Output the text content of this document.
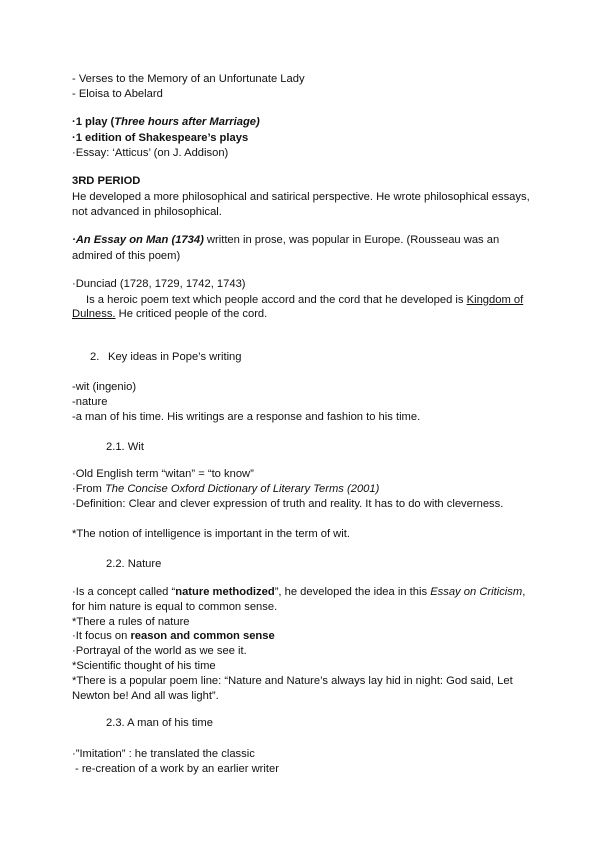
- Verses to the Memory of an Unfortunate Lady
- Eloisa to Abelard
·1 play (Three hours after Marriage)
·1 edition of Shakespeare’s plays
·Essay: ‘Atticus’ (on J. Addison)
3RD PERIOD
He developed a more philosophical and satirical perspective. He wrote philosophical essays,
not advanced in philosophical.
·An Essay on Man (1734) written in prose, was popular in Europe. (Rousseau was an
admired of this poem)
·Dunciad (1728, 1729, 1742, 1743)
Is a heroic poem text which people accord and the cord that he developed is Kingdom of
Dulness. He criticed people of the cord.
2. Key ideas in Pope’s writing
-wit (ingenio)
-nature
-a man of his time. His writings are a response and fashion to his time.
2.1. Wit
·Old English term “witan” = “to know”
·From The Concise Oxford Dictionary of Literary Terms (2001)
·Definition: Clear and clever expression of truth and reality. It has to do with cleverness.
*The notion of intelligence is important in the term of wit.
2.2. Nature
·Is a concept called “nature methodized”, he developed the idea in this Essay on Criticism,
for him nature is equal to common sense.
*There a rules of nature
·It focus on reason and common sense
·Portrayal of the world as we see it.
*Scientific thought of his time
*There is a popular poem line: “Nature and Nature’s always lay hid in night: God said, Let
Newton be! And all was light”.
2.3. A man of his time
·”Imitation” : he translated the classic
- re-creation of a work by an earlier writer
